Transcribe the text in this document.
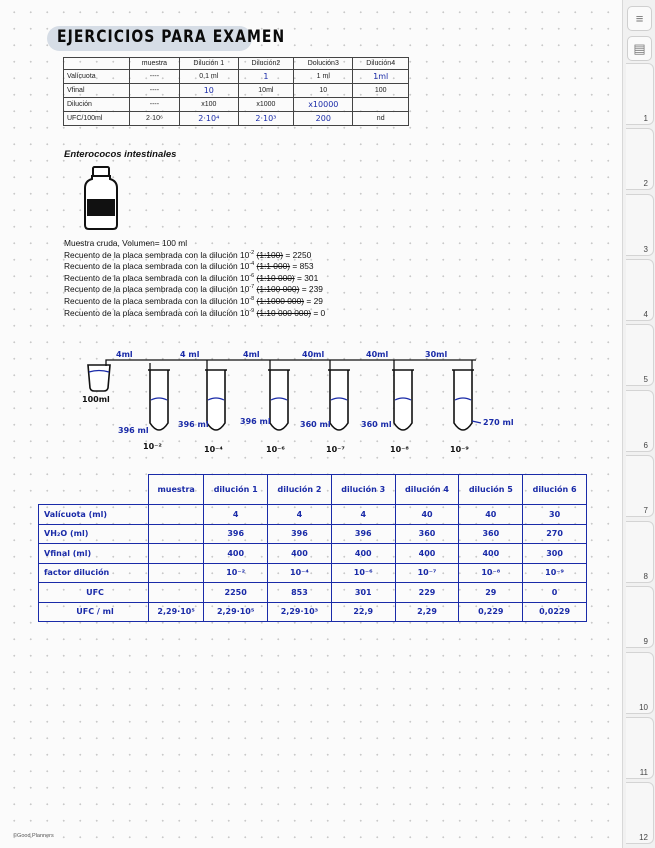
EJERCICIOS PARA EXAMEN
	muestra	Dilución 1	Dilución2	Dolución3	Dilución4
Valícuota	----	0,1 ml	1	1 ml	1ml
Vfinal	----	10	10ml	10	100
Dilución	----	x100	x1000	x10000	
UFC/100ml	2·10⁶	2·10⁴	2·10³	200	nd
Enterococos intestinales
Muestra cruda, Volumen= 100 ml
Recuento de la placa sembrada con la dilución $10^{-2}$ (1:100) = 2250
Recuento de la placa sembrada con la dilución $10^{-4}$ (1:1 000) = 853
Recuento de la placa sembrada con la dilución $10^{-6}$ (1:10 000) = 301
Recuento de la placa sembrada con la dilución $10^{-7}$ (1:100 000) = 239
Recuento de la placa sembrada con la dilución $10^{-8}$ (1:1000 000) = 29
Recuento de la placa sembrada con la dilución $10^{-9}$ (1:10 000 000) = 0
100ml
4ml	4 ml	4ml	40ml	40ml	30ml
396 ml
396 ml	396 ml	360 ml	360 ml	270 ml
10⁻²	10⁻⁴	10⁻⁶	10⁻⁷	10⁻⁸	10⁻⁹
	muestra	dilución 1	dilución 2	dilución 3	dilución 4	dilución 5	dilución 6
Valícuota (ml)		4	4	4	40	40	30
VH₂O (ml)		396	396	396	360	360	270
Vfinal (ml)		400	400	400	400	400	300
factor dilución		10⁻²	10⁻⁴	10⁻⁶	10⁻⁷	10⁻⁸	10⁻⁹
UFC		2250	853	301	229	29	0
UFC / ml	2,29·10⁵	2,29·10⁵	2,29·10³	22,9	2,29	0,229	0,0229
©Good Planners
≡
▤
1
2
3
4
5
6
7
8
9
10
11
12
